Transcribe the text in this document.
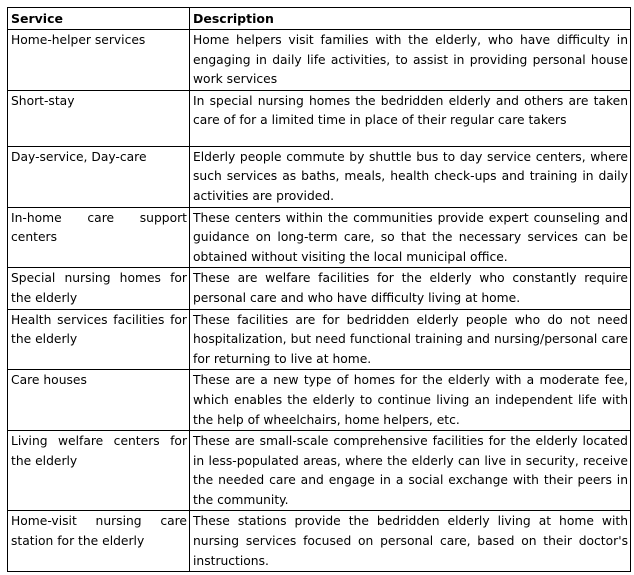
Service	Description
Home-helper services	Home helpers visit families with the elderly, who have difficulty in engaging in daily life activities, to assist in providing personal house work services
Short-stay	In special nursing homes the bedridden elderly and others are taken care of for a limited time in place of their regular care takers
Day-service, Day-care	Elderly people commute by shuttle bus to day service centers, where such services as baths, meals, health check-ups and training in daily activities are provided.
In-home care support centers	These centers within the communities provide expert counseling and guidance on long-term care, so that the necessary services can be obtained without visiting the local municipal office.
Special nursing homes for the elderly	These are welfare facilities for the elderly who constantly require personal care and who have difficulty living at home.
Health services facilities for the elderly	These facilities are for bedridden elderly people who do not need hospitalization, but need functional training and nursing/personal care for returning to live at home.
Care houses	These are a new type of homes for the elderly with a moderate fee, which enables the elderly to continue living an independent life with the help of wheelchairs, home helpers, etc.
Living welfare centers for the elderly	These are small-scale comprehensive facilities for the elderly located in less-populated areas, where the elderly can live in security, receive the needed care and engage in a social exchange with their peers in the community.
Home-visit nursing care station for the elderly	These stations provide the bedridden elderly living at home with nursing services focused on personal care, based on their doctor's instructions.
